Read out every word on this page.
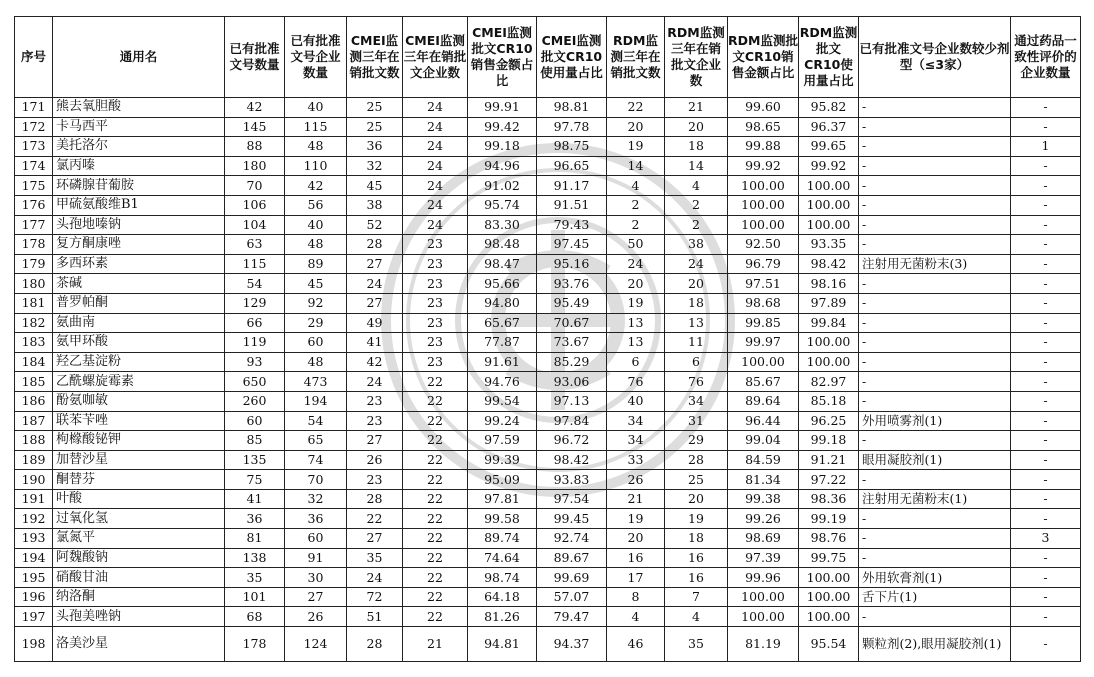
序号	通用名	已有批准文号数量	已有批准文号企业数量	CMEI监测三年在销批文数	CMEI监测三年在销批文企业数	CMEI监测批文CR10销售金额占比	CMEI监测批文CR10使用量占比	RDM监测三年在销批文数	RDM监测三年在销批文企业数	RDM监测批文CR10销售金额占比	RDM监测批文CR10使用量占比	已有批准文号企业数较少剂型（≤3家）	通过药品一致性评价的企业数量
171	熊去氧胆酸	42	40	25	24	99.91	98.81	22	21	99.60	95.82	-	-
172	卡马西平	145	115	25	24	99.42	97.78	20	20	98.65	96.37	-	-
173	美托洛尔	88	48	36	24	99.18	98.75	19	18	99.88	99.65	-	1
174	氯丙嗪	180	110	32	24	94.96	96.65	14	14	99.92	99.92	-	-
175	环磷腺苷葡胺	70	42	45	24	91.02	91.17	4	4	100.00	100.00	-	-
176	甲硫氨酸维B1	106	56	38	24	95.74	91.51	2	2	100.00	100.00	-	-
177	头孢地嗪钠	104	40	52	24	83.30	79.43	2	2	100.00	100.00	-	-
178	复方酮康唑	63	48	28	23	98.48	97.45	50	38	92.50	93.35	-	-
179	多西环素	115	89	27	23	98.47	95.16	24	24	96.79	98.42	注射用无菌粉末(3)	-
180	茶碱	54	45	24	23	95.66	93.76	20	20	97.51	98.16	-	-
181	普罗帕酮	129	92	27	23	94.80	95.49	19	18	98.68	97.89	-	-
182	氨曲南	66	29	49	23	65.67	70.67	13	13	99.85	99.84	-	-
183	氨甲环酸	119	60	41	23	77.87	73.67	13	11	99.97	100.00	-	-
184	羟乙基淀粉	93	48	42	23	91.61	85.29	6	6	100.00	100.00	-	-
185	乙酰螺旋霉素	650	473	24	22	94.76	93.06	76	76	85.67	82.97	-	-
186	酚氨咖敏	260	194	23	22	99.54	97.13	40	34	89.64	85.18	-	-
187	联苯苄唑	60	54	23	22	99.24	97.84	34	31	96.44	96.25	外用喷雾剂(1)	-
188	枸橼酸铋钾	85	65	27	22	97.59	96.72	34	29	99.04	99.18	-	-
189	加替沙星	135	74	26	22	99.39	98.42	33	28	84.59	91.21	眼用凝胶剂(1)	-
190	酮替芬	75	70	23	22	95.09	93.83	26	25	81.34	97.22	-	-
191	叶酸	41	32	28	22	97.81	97.54	21	20	99.38	98.36	注射用无菌粉末(1)	-
192	过氧化氢	36	36	22	22	99.58	99.45	19	19	99.26	99.19	-	-
193	氯氮平	81	60	27	22	89.74	92.74	20	18	98.69	98.76	-	3
194	阿魏酸钠	138	91	35	22	74.64	89.67	16	16	97.39	99.75	-	-
195	硝酸甘油	35	30	24	22	98.74	99.69	17	16	99.96	100.00	外用软膏剂(1)	-
196	纳洛酮	101	27	72	22	64.18	57.07	8	7	100.00	100.00	舌下片(1)	-
197	头孢美唑钠	68	26	51	22	81.26	79.47	4	4	100.00	100.00	-	-
198	洛美沙星	178	124	28	21	94.81	94.37	46	35	81.19	95.54	颗粒剂(2),眼用凝胶剂(1)	-
